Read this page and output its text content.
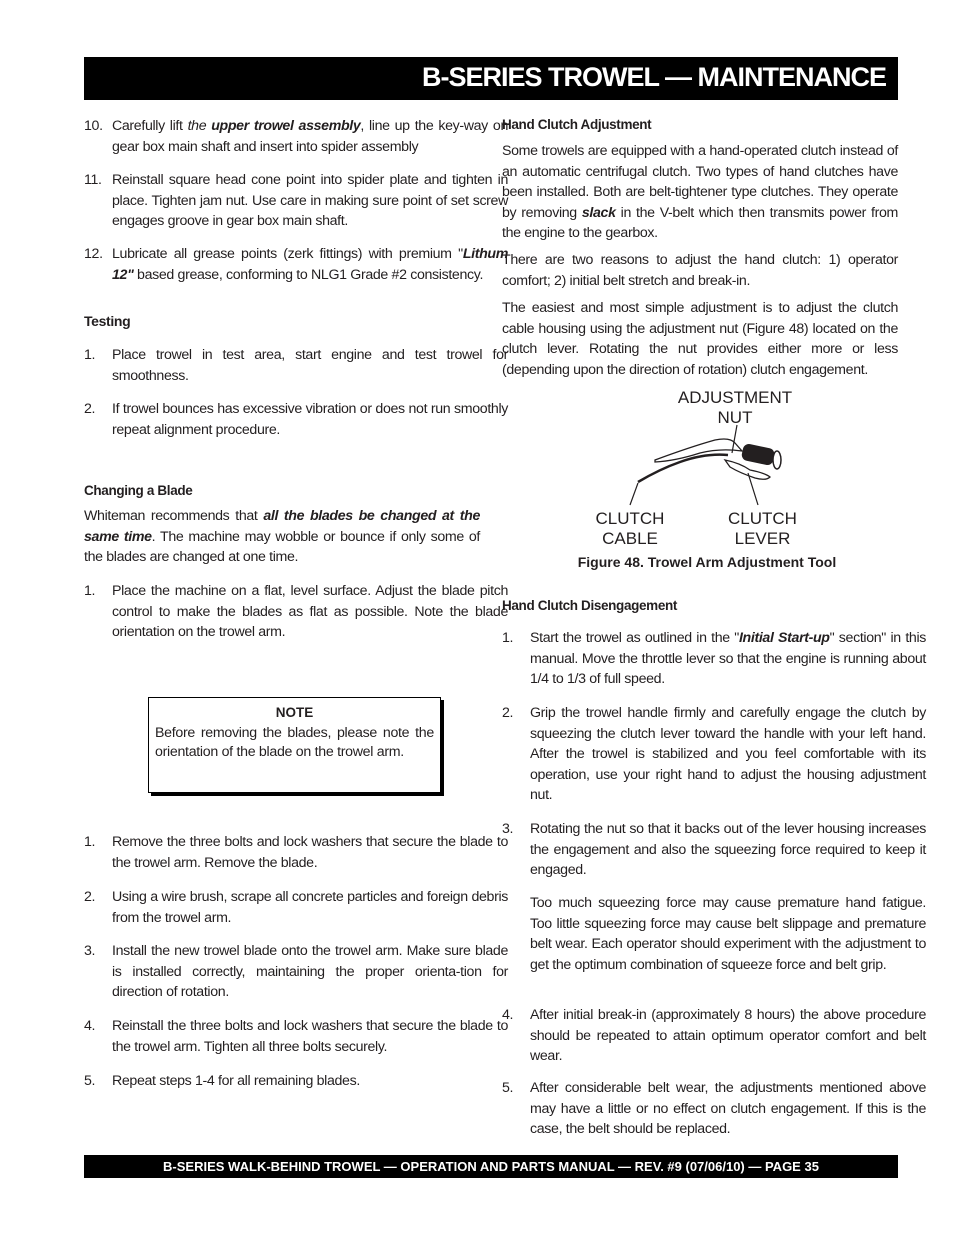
B-SERIES TROWEL — MAINTENANCE
10. Carefully lift the upper trowel assembly, line up the key-way on gear box main shaft and insert into spider assembly
11. Reinstall square head cone point into spider plate and tighten in place. Tighten jam nut. Use care in making sure point of set screw engages groove in gear box main shaft.
12. Lubricate all grease points (zerk fittings) with premium "Lithum 12" based grease, conforming to NLG1 Grade #2 consistency.
Testing
1. Place trowel in test area, start engine and test trowel for smoothness.
2. If trowel bounces has excessive vibration or does not run smoothly repeat alignment procedure.
Changing a Blade
Whiteman recommends that all the blades be changed at the same time. The machine may wobble or bounce if only some of the blades are changed at one time.
1. Place the machine on a flat, level surface. Adjust the blade pitch control to make the blades as flat as possible. Note the blade orientation on the trowel arm.
NOTE
Before removing the blades, please note the orientation of the blade on the trowel arm.
1. Remove the three bolts and lock washers that secure the blade to the trowel arm. Remove the blade.
2. Using a wire brush, scrape all concrete particles and foreign debris from the trowel arm.
3. Install the new trowel blade onto the trowel arm. Make sure blade is installed correctly, maintaining the proper orienta-tion for direction of rotation.
4. Reinstall the three bolts and lock washers that secure the blade to the trowel arm. Tighten all three bolts securely.
5. Repeat steps 1-4 for all remaining blades.
Hand Clutch Adjustment
Some trowels are equipped with a hand-operated clutch instead of an automatic centrifugal clutch. Two types of hand clutches have been installed. Both are belt-tightener type clutches. They operate by removing slack in the V-belt which then transmits power from the engine to the gearbox.
There are two reasons to adjust the hand clutch: 1) operator comfort; 2) initial belt stretch and break-in.
The easiest and most simple adjustment is to adjust the clutch cable housing using the adjustment nut (Figure 48) located on the clutch lever. Rotating the nut provides either more or less (depending upon the direction of rotation) clutch engagement.
ADJUSTMENT NUT
CLUTCH CABLE
CLUTCH LEVER
Figure 48. Trowel Arm Adjustment Tool
Hand Clutch Disengagement
1. Start the trowel as outlined in the "Initial Start-up" section" in this manual. Move the throttle lever so that the engine is running about 1/4 to 1/3 of full speed.
2. Grip the trowel handle firmly and carefully engage the clutch by squeezing the clutch lever toward the handle with your left hand. After the trowel is stabilized and you feel comfortable with its operation, use your right hand to adjust the housing adjustment nut.
3. Rotating the nut so that it backs out of the lever housing increases the engagement and also the squeezing force required to keep it engaged.
Too much squeezing force may cause premature hand fatigue. Too little squeezing force may cause belt slippage and premature belt wear. Each operator should experiment with the adjustment to get the optimum combination of squeeze force and belt grip.
4. After initial break-in (approximately 8 hours) the above procedure should be repeated to attain optimum operator comfort and belt wear.
5. After considerable belt wear, the adjustments mentioned above may have a little or no effect on clutch engagement. If this is the case, the belt should be replaced.
B-SERIES WALK-BEHIND TROWEL — OPERATION AND PARTS MANUAL — REV. #9 (07/06/10) — PAGE 35
